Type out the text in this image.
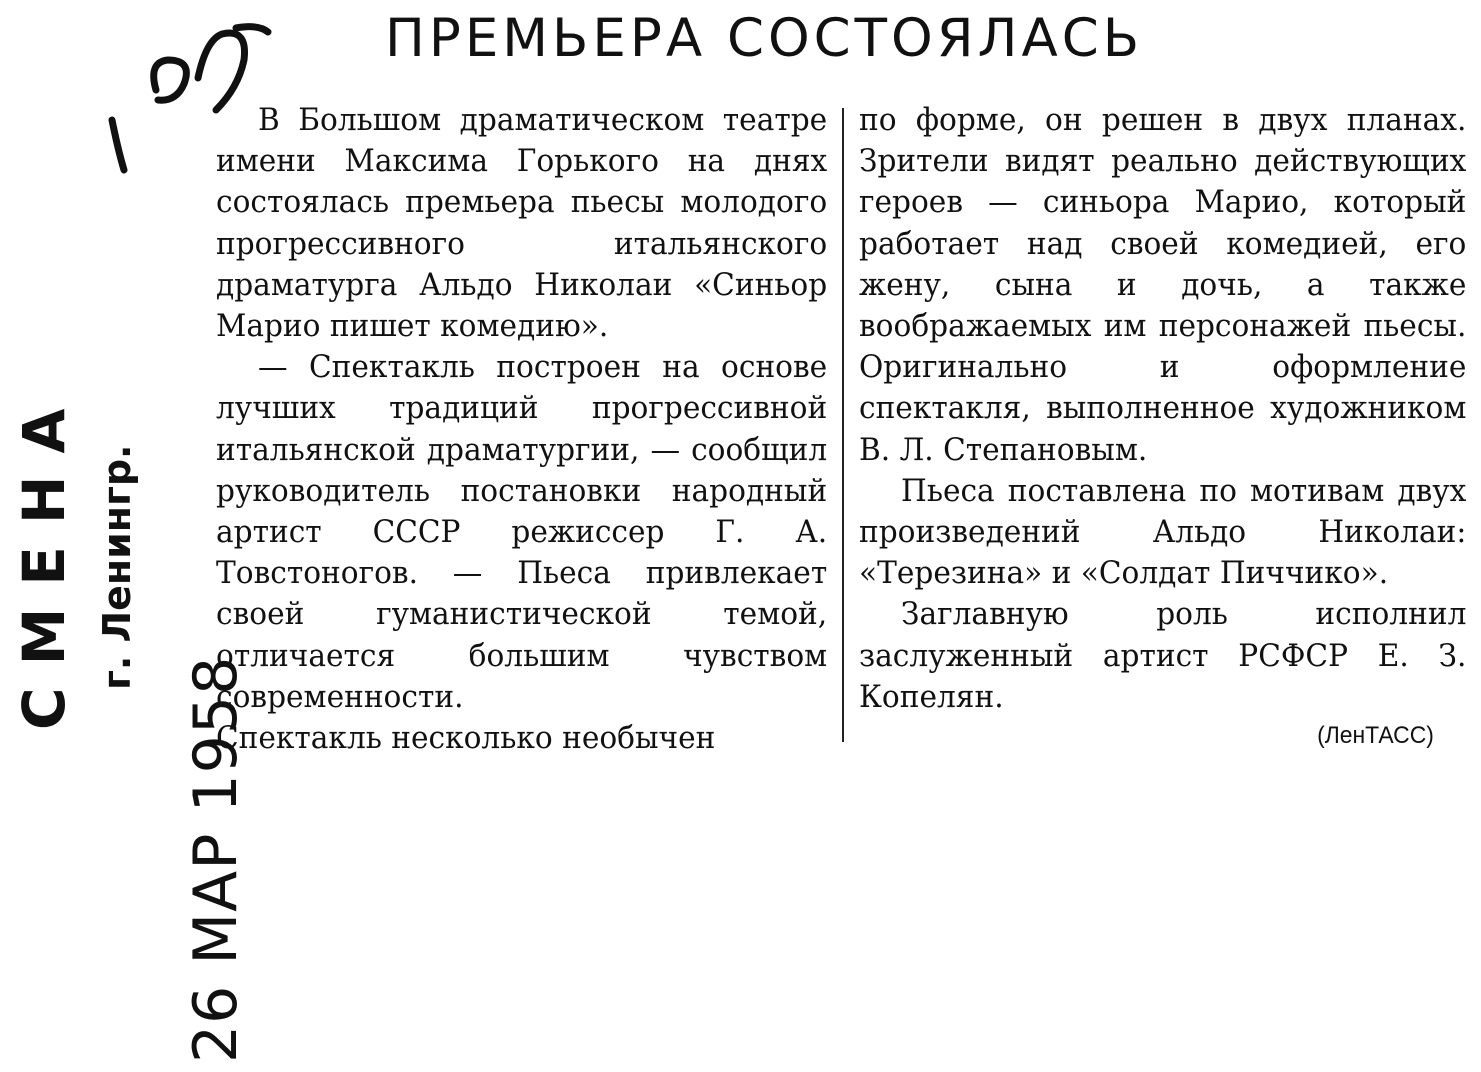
ПРЕМЬЕРА СОСТОЯЛАСЬ

В Большом драматическом театре имени Максима Горького на днях состоялась премьера пьесы молодого прогрессивного итальянского драматурга Альдо Николаи «Синьор Марио пишет комедию».

— Спектакль построен на основе лучших традиций прогрессивной итальянской драматургии, — сообщил руководитель постановки народный артист СССР режиссер Г. А. Товстоногов. — Пьеса привлекает своей гуманистической темой, отличается большим чувством современности.

Спектакль несколько необычен

по форме, он решен в двух планах. Зрители видят реально действующих героев — синьора Марио, который работает над своей комедией, его жену, сына и дочь, а также воображаемых им персонажей пьесы. Оригинально и оформление спектакля, выполненное художником В. Л. Степановым.

Пьеса поставлена по мотивам двух произведений Альдо Николаи: «Терезина» и «Солдат Пиччико».

Заглавную роль исполнил заслуженный артист РСФСР Е. З. Копелян.

(ЛенТАСС)
СМЕНА г. Ленингр.
26 МАР 1958
